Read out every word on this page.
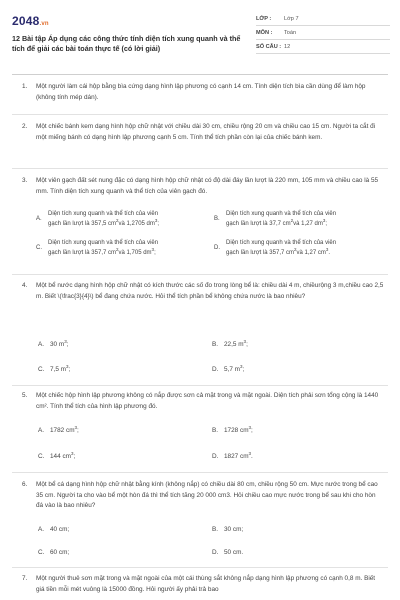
2048.vn
12 Bài tập Áp dụng các công thức tính diện tích xung quanh và thể tích để giải các bài toán thực tế (có lời giải)
LỚP :	Lớp 7
MÔN :	Toán
SỐ CÂU : 12
1.	Một người làm cái hộp bằng bìa cứng dạng hình lập phương có cạnh 14 cm. Tính diện tích bìa cần dùng để làm hộp (không tính mép dán).
2.	Một chiếc bánh kem dạng hình hộp chữ nhật với chiều dài 30 cm, chiều rộng 20 cm và chiều cao 15 cm. Người ta cắt đi một miếng bánh có dạng hình lập phương cạnh 5 cm. Tính thể tích phần còn lại của chiếc bánh kem.
3.	Một viên gạch đất sét nung đặc có dạng hình hộp chữ nhật có độ dài đáy lần lượt là 220 mm, 105 mm và chiều cao là 55 mm. Tính diện tích xung quanh và thể tích của viên gạch đó.
A.
Diện tích xung quanh và thể tích của viên
gạch lần lượt là 357,5 $cm^2và$ 1,2705 $dm^3$;
B.
Diện tích xung quanh và thể tích của viên
gạch lần lượt là 37,7 $cm^2và$ 1,27 $dm^3$;
C.
Diện tích xung quanh và thể tích của viên
gạch lần lượt là 357,7 $cm^2và$ 1,705 $dm^3$;
D.
Diện tích xung quanh và thể tích của viên
gạch lần lượt là 357,7 $cm^2và$ 1,27 $cm^3$.
4.	Một bể nước dạng hình hộp chữ nhật có kích thước các số đo trong lòng bể là: chiều dài 4 m, chiềurộng 3 m,chiều cao 2,5 m. Biết \(\frac{3}{4}\) bể đang chứa nước. Hỏi thể tích phần bể không chứa nước là bao nhiêu?
A. 30 $m^3$;	B. 22,5 $m^3$;
C. 7,5 $m^3$;	D. 5,7 $m^3$;
5.	Một chiếc hộp hình lập phương không có nắp được sơn cả mặt trong và mặt ngoài. Diện tích phải sơn tổng cộng là 1440 cm². Tính thể tích của hình lập phương đó.
A. 1782 $cm^3$;	B. 1728 $cm^3$;
C. 144 $cm^3$;	D. 1827 $cm^3$.
6.	Một bể cá dạng hình hộp chữ nhật bằng kính (không nắp) có chiều dài 80 cm, chiều rộng 50 cm. Mực nước trong bể cao 35 cm. Người ta cho vào bể một hòn đá thì thể tích tăng 20 000 cm3. Hỏi chiều cao mực nước trong bể sau khi cho hòn đá vào là bao nhiêu?
A. 40 cm;	B. 30 cm;
C. 60 cm;	D. 50 cm.
7.	Một người thuê sơn mặt trong và mặt ngoài của một cái thùng sắt không nắp dạng hình lập phương có cạnh 0,8 m. Biết giá tiền mỗi mét vuông là 15000 đồng. Hỏi người ấy phải trả bao
